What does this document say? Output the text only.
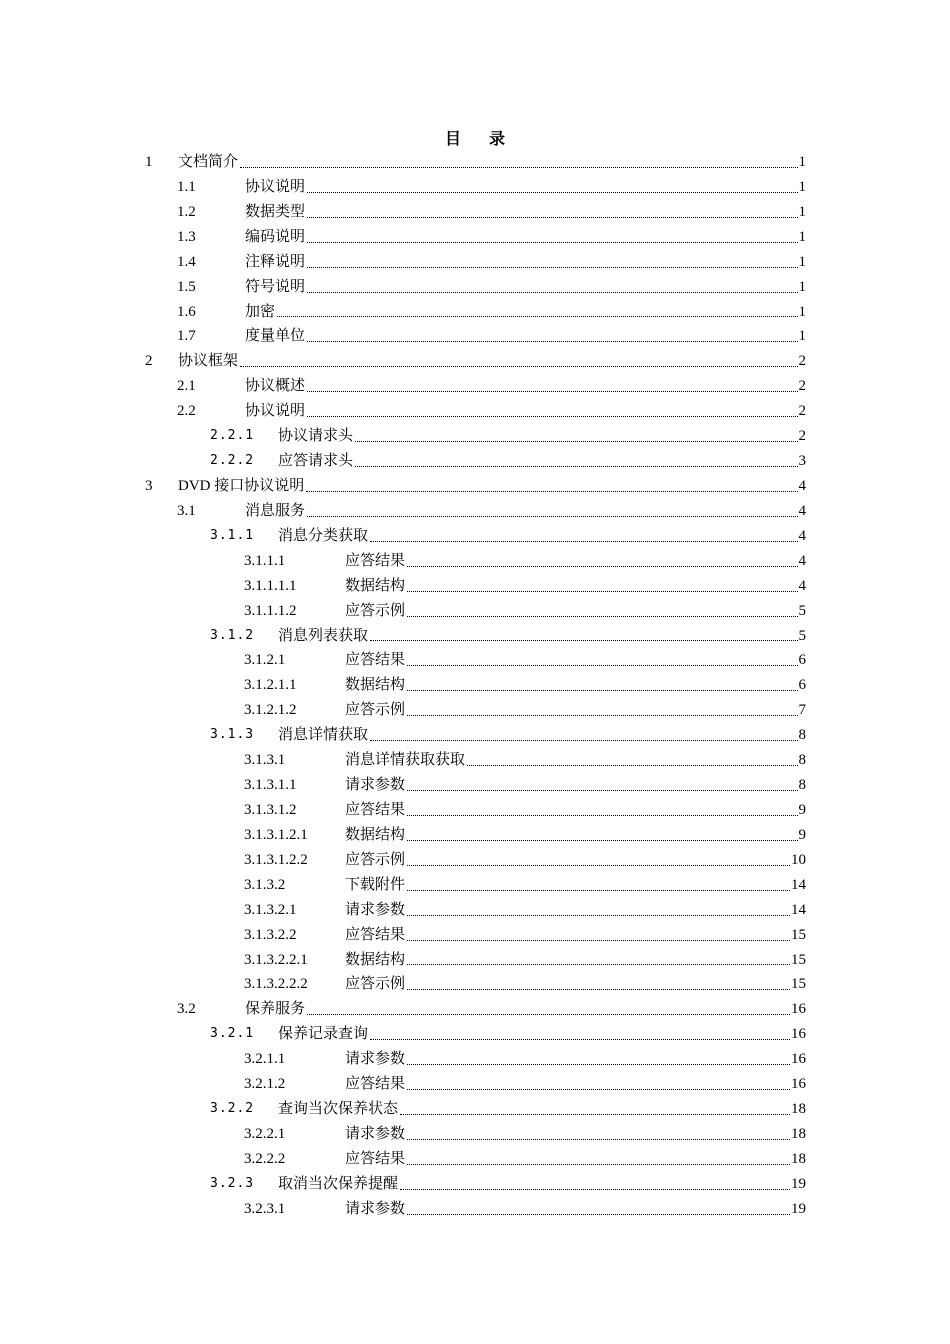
目 录
1 文档简介	1
1.1	协议说明	1
1.2	数据类型	1
1.3	编码说明	1
1.4	注释说明	1
1.5	符号说明	1
1.6	加密	1
1.7	度量单位	1
2 协议框架	2
2.1	协议概述	2
2.2	协议说明	2
2.2.1 协议请求头	2
2.2.2 应答请求头	3
3 DVD 接口协议说明	4
3.1	消息服务	4
3.1.1 消息分类获取	4
3.1.1.1	应答结果	4
3.1.1.1.1	数据结构	4
3.1.1.1.2	应答示例	5
3.1.2 消息列表获取	5
3.1.2.1	应答结果	6
3.1.2.1.1	数据结构	6
3.1.2.1.2	应答示例	7
3.1.3 消息详情获取	8
3.1.3.1	消息详情获取获取	8
3.1.3.1.1	请求参数	8
3.1.3.1.2	应答结果	9
3.1.3.1.2.1 数据结构	9
3.1.3.1.2.2 应答示例	10
3.1.3.2	下载附件	14
3.1.3.2.1	请求参数	14
3.1.3.2.2	应答结果	15
3.1.3.2.2.1 数据结构	15
3.1.3.2.2.2 应答示例	15
3.2	保养服务	16
3.2.1 保养记录查询	16
3.2.1.1	请求参数	16
3.2.1.2	应答结果	16
3.2.2 查询当次保养状态	18
3.2.2.1	请求参数	18
3.2.2.2	应答结果	18
3.2.3 取消当次保养提醒	19
3.2.3.1	请求参数	19
